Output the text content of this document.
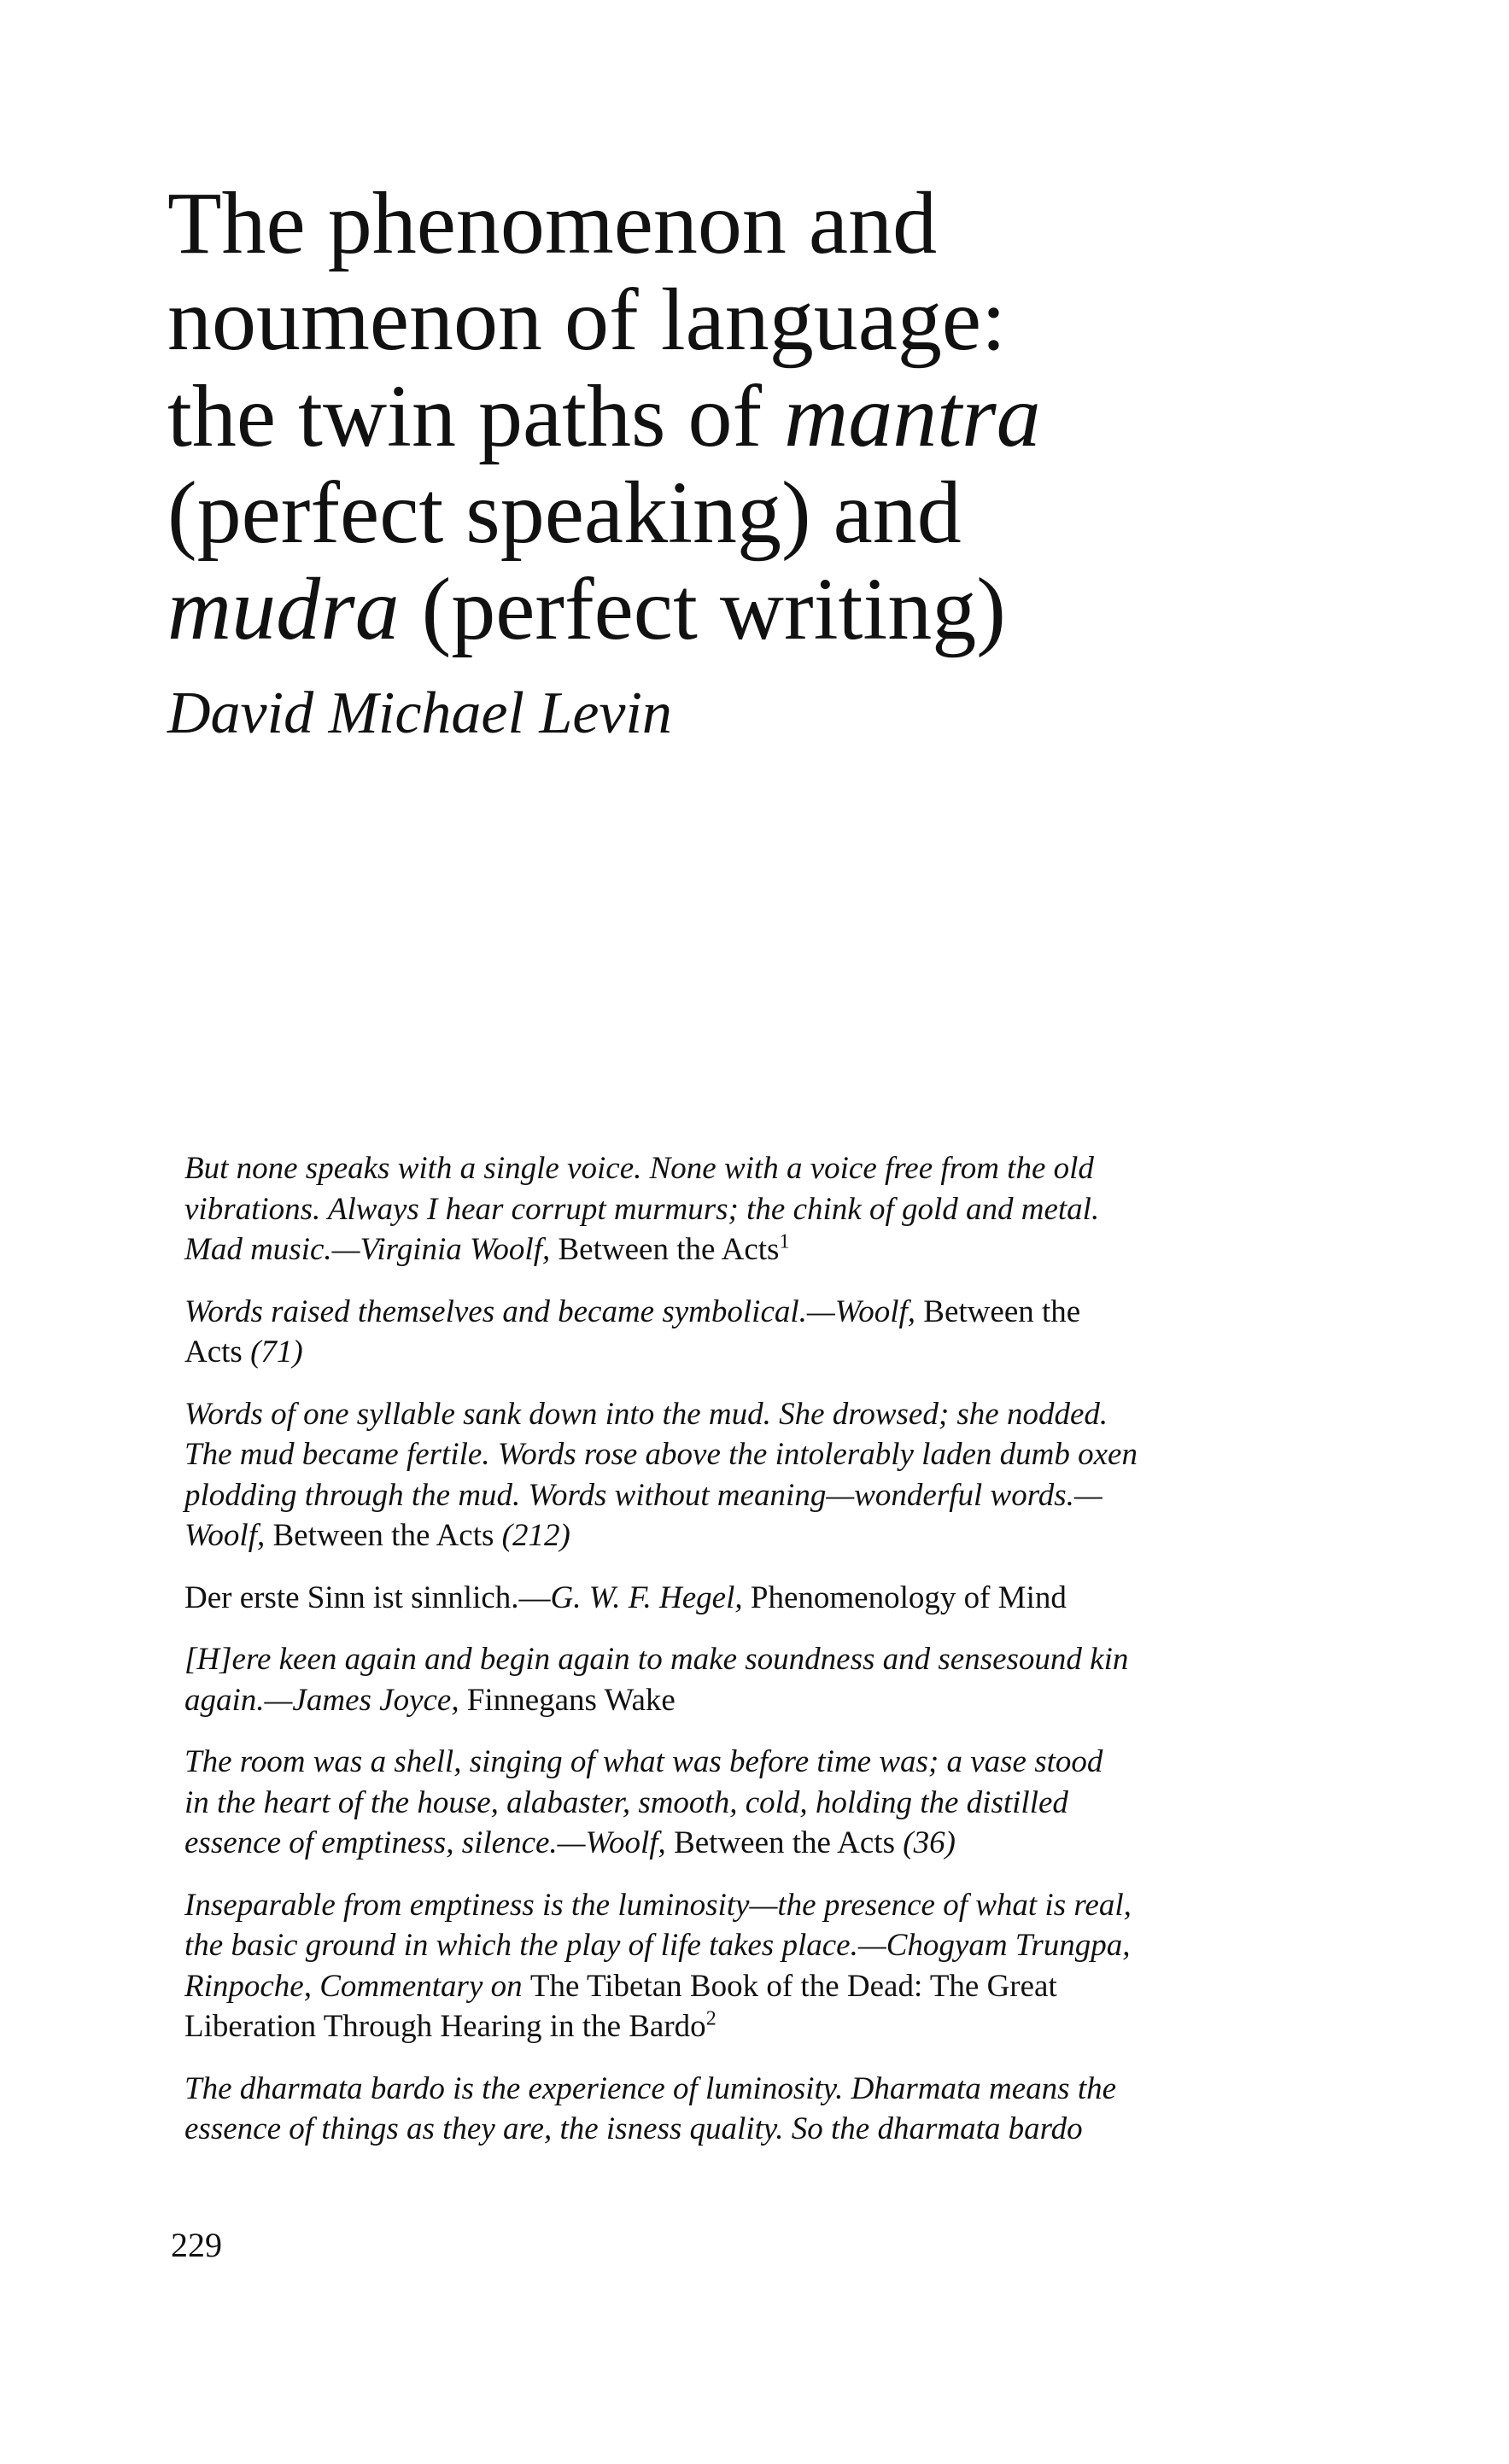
The phenomenon and
noumenon of language:
the twin paths of mantra
(perfect speaking) and
mudra (perfect writing)
David Michael Levin
But none speaks with a single voice. None with a voice free from the old
vibrations. Always I hear corrupt murmurs; the chink of gold and metal.
Mad music.—Virginia Woolf, Between the Acts$^1$
Words raised themselves and became symbolical.—Woolf, Between the
Acts (71)
Words of one syllable sank down into the mud. She drowsed; she nodded.
The mud became fertile. Words rose above the intolerably laden dumb oxen
plodding through the mud. Words without meaning—wonderful words.—
Woolf, Between the Acts (212)
Der erste Sinn ist sinnlich.—G. W. F. Hegel, Phenomenology of Mind
[H]ere keen again and begin again to make soundness and sensesound kin
again.—James Joyce, Finnegans Wake
The room was a shell, singing of what was before time was; a vase stood
in the heart of the house, alabaster, smooth, cold, holding the distilled
essence of emptiness, silence.—Woolf, Between the Acts (36)
Inseparable from emptiness is the luminosity—the presence of what is real,
the basic ground in which the play of life takes place.—Chogyam Trungpa,
Rinpoche, Commentary on The Tibetan Book of the Dead: The Great
Liberation Through Hearing in the Bardo$^2$
The dharmata bardo is the experience of luminosity. Dharmata means the
essence of things as they are, the isness quality. So the dharmata bardo
229
